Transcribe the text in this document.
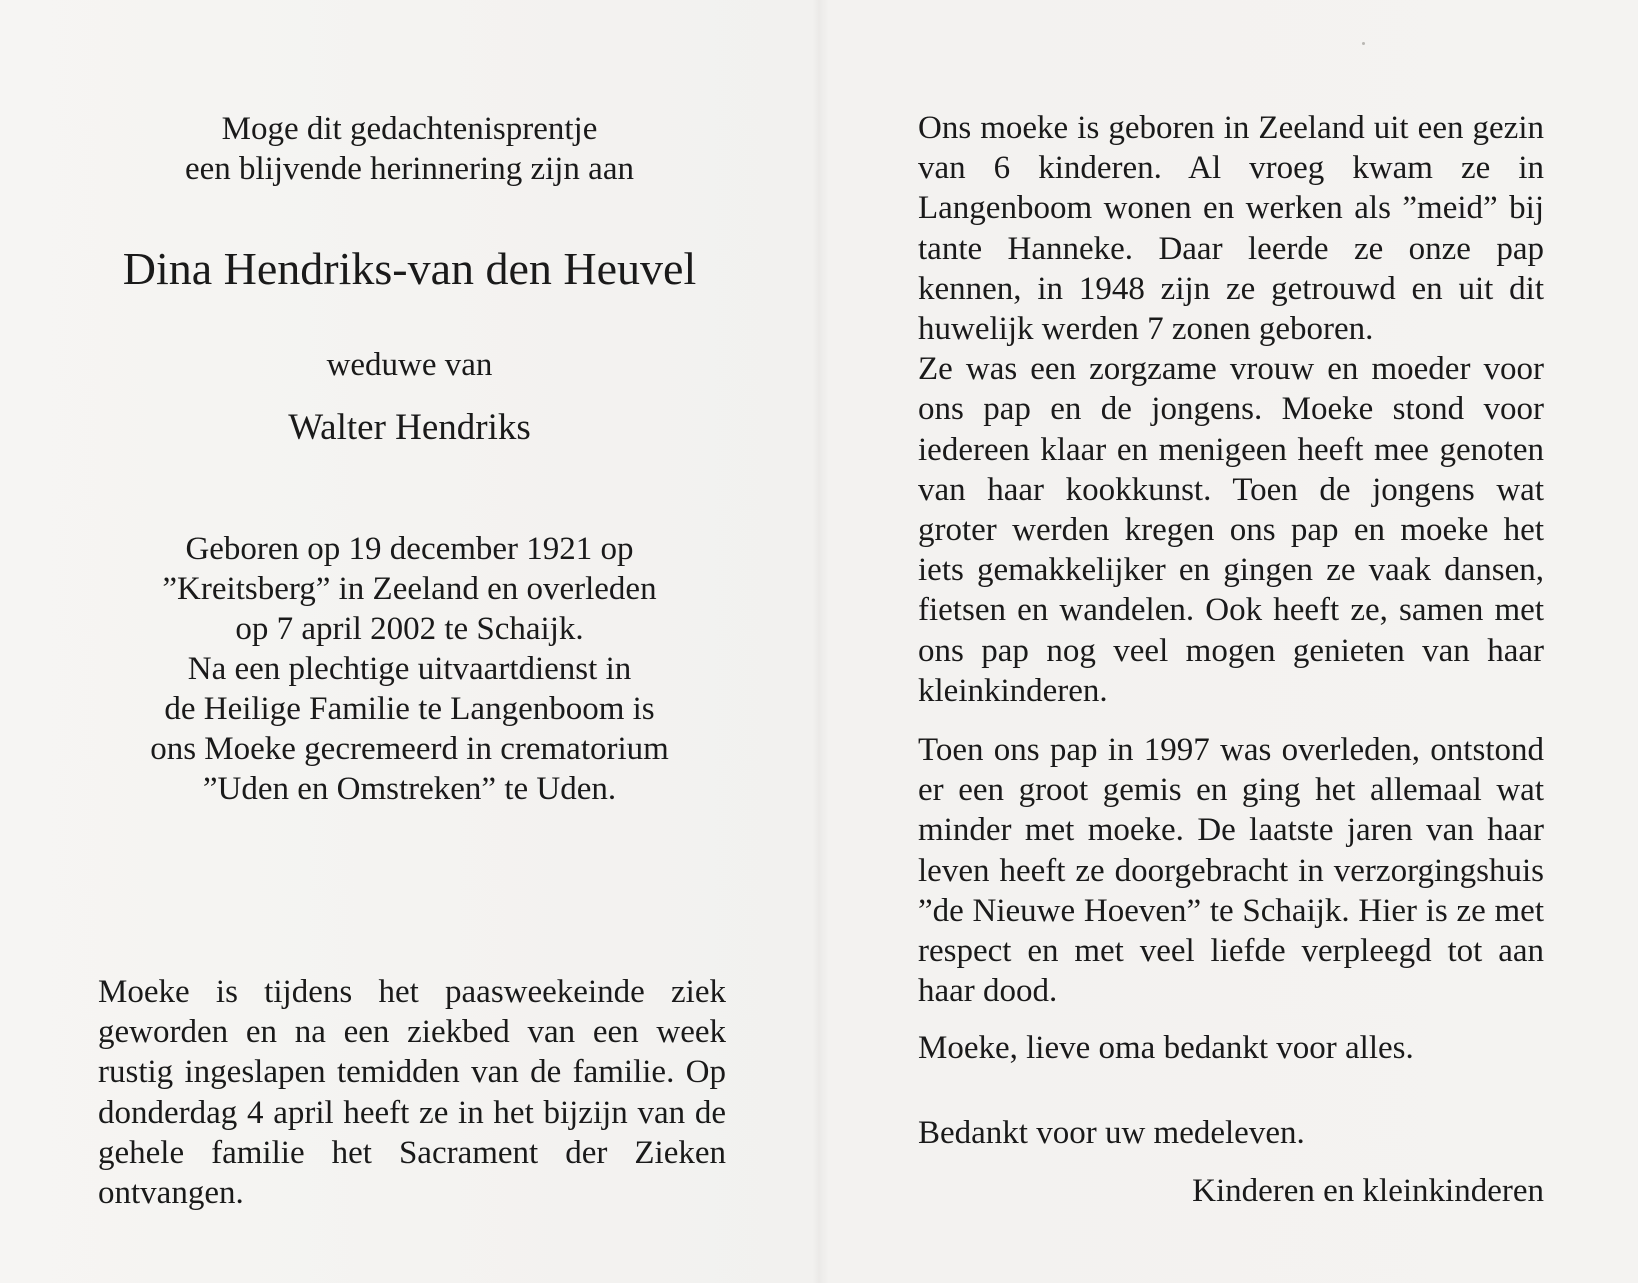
Moge dit gedachtenisprentje
een blijvende herinnering zijn aan

Dina Hendriks-van den Heuvel

weduwe van

Walter Hendriks

Geboren op 19 december 1921 op
”Kreitsberg” in Zeeland en overleden
op 7 april 2002 te Schaijk.
Na een plechtige uitvaartdienst in
de Heilige Familie te Langenboom is
ons Moeke gecremeerd in crematorium
”Uden en Omstreken” te Uden.

Moeke is tijdens het paasweekeinde ziek geworden en na een ziekbed van een week rustig ingeslapen temidden van de familie. Op donderdag 4 april heeft ze in het bijzijn van de gehele familie het Sacrament der Zieken ontvangen.

Ons moeke is geboren in Zeeland uit een gezin van 6 kinderen. Al vroeg kwam ze in Langenboom wonen en werken als ”meid” bij tante Hanneke. Daar leerde ze onze pap kennen, in 1948 zijn ze getrouwd en uit dit huwelijk werden 7 zonen geboren.
Ze was een zorgzame vrouw en moeder voor ons pap en de jongens. Moeke stond voor iedereen klaar en menigeen heeft mee genoten van haar kookkunst. Toen de jongens wat groter werden kregen ons pap en moeke het iets gemakkelijker en gingen ze vaak dansen, fietsen en wandelen. Ook heeft ze, samen met ons pap nog veel mogen genieten van haar kleinkinderen.

Toen ons pap in 1997 was overleden, ontstond er een groot gemis en ging het allemaal wat minder met moeke. De laatste jaren van haar leven heeft ze doorgebracht in verzorgingshuis ”de Nieuwe Hoeven” te Schaijk. Hier is ze met respect en met veel liefde verpleegd tot aan haar dood.

Moeke, lieve oma bedankt voor alles.

Bedankt voor uw medeleven.

Kinderen en kleinkinderen
